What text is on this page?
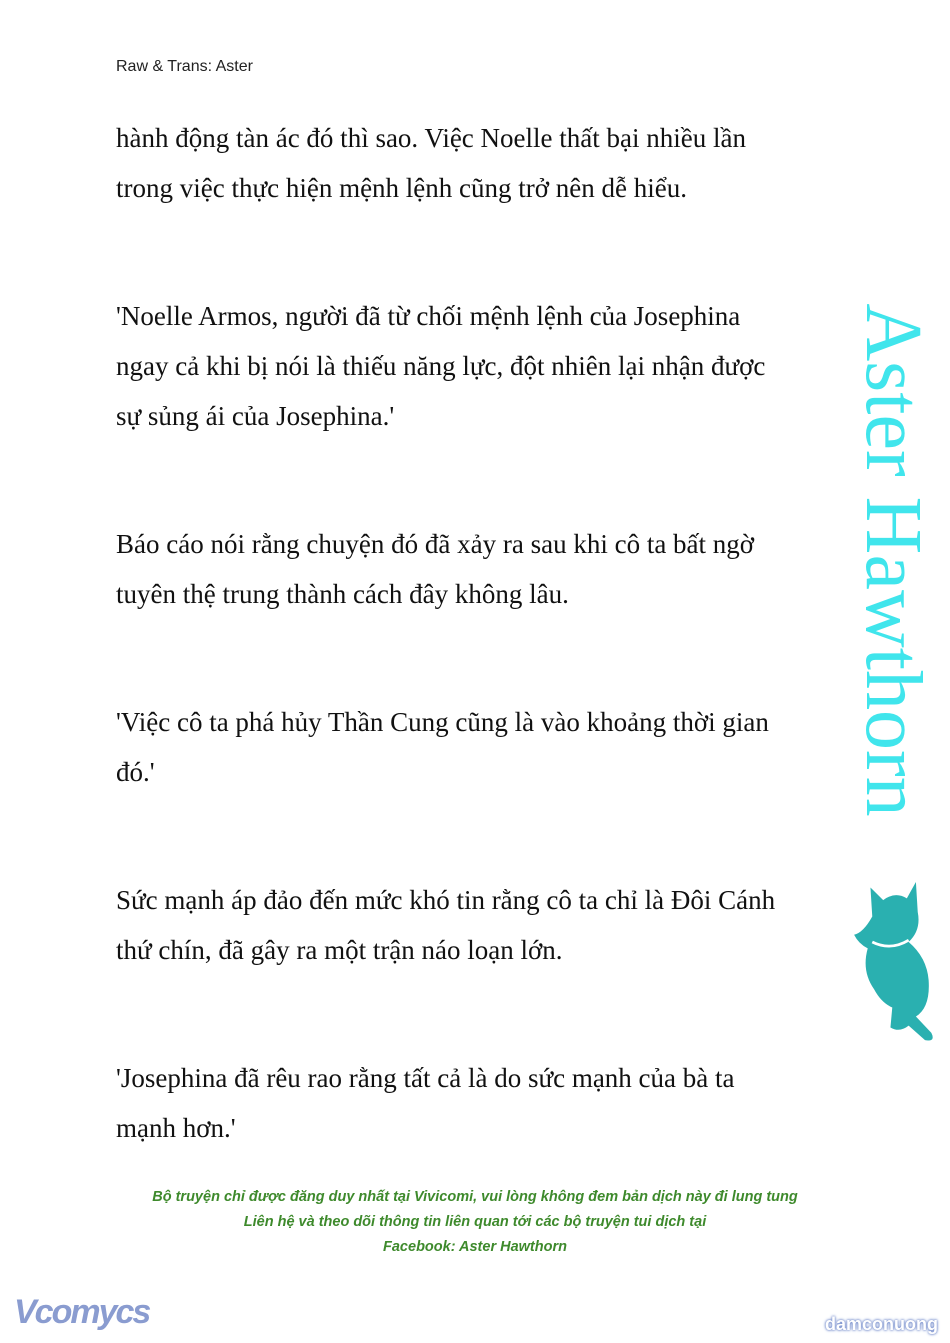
Raw & Trans: Aster

hành động tàn ác đó thì sao. Việc Noelle thất bại nhiều lần
trong việc thực hiện mệnh lệnh cũng trở nên dễ hiểu.

'Noelle Armos, người đã từ chối mệnh lệnh của Josephina
ngay cả khi bị nói là thiếu năng lực, đột nhiên lại nhận được
sự sủng ái của Josephina.'

Báo cáo nói rằng chuyện đó đã xảy ra sau khi cô ta bất ngờ
tuyên thệ trung thành cách đây không lâu.

'Việc cô ta phá hủy Thần Cung cũng là vào khoảng thời gian
đó.'

Sức mạnh áp đảo đến mức khó tin rằng cô ta chỉ là Đôi Cánh
thứ chín, đã gây ra một trận náo loạn lớn.

'Josephina đã rêu rao rằng tất cả là do sức mạnh của bà ta
mạnh hơn.'

Aster Hawthorn
Bộ truyện chỉ được đăng duy nhất tại Vivicomi, vui lòng không đem bản dịch này đi lung tung
Liên hệ và theo dõi thông tin liên quan tới các bộ truyện tui dịch tại
Facebook: Aster Hawthorn
Vcomycs	damconuong
